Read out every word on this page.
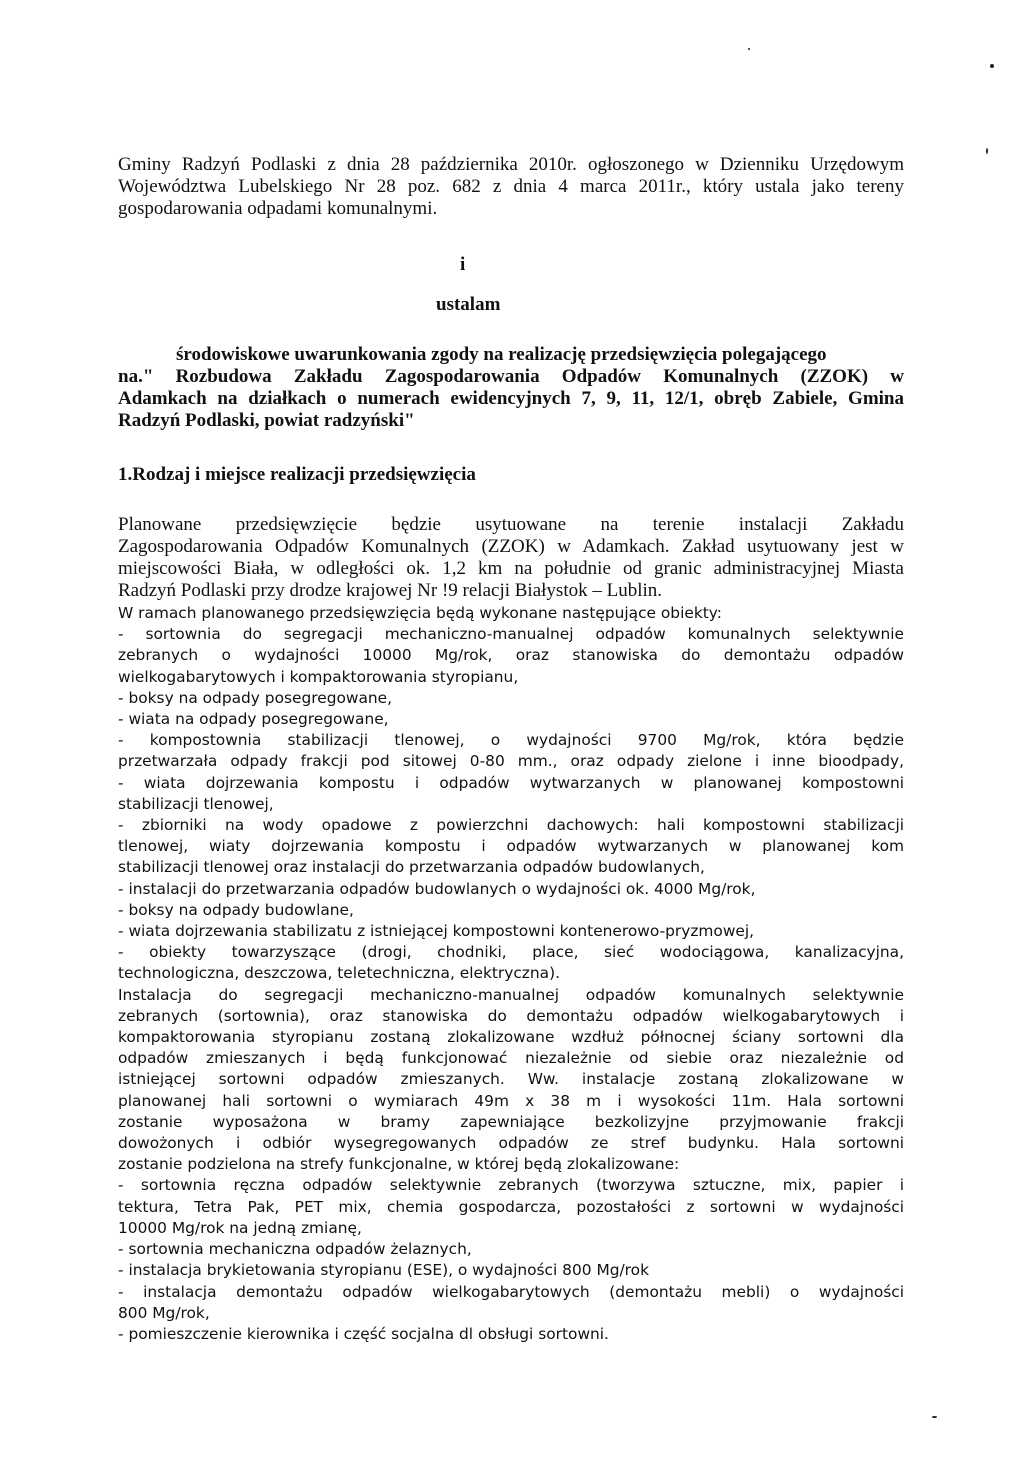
Gminy Radzyń Podlaski z dnia 28 października 2010r. ogłoszonego w Dzienniku Urzędowym
Województwa Lubelskiego Nr 28 poz. 682 z dnia 4 marca 2011r., który ustala jako tereny
gospodarowania odpadami komunalnymi.
i
ustalam
środowiskowe uwarunkowania zgody na realizację przedsięwzięcia polegającego
na." Rozbudowa Zakładu Zagospodarowania Odpadów Komunalnych (ZZOK) w
Adamkach na działkach o numerach ewidencyjnych 7, 9, 11, 12/1, obręb Zabiele, Gmina
Radzyń Podlaski, powiat radzyński"
1.Rodzaj i miejsce realizacji przedsięwzięcia
Planowane przedsięwzięcie będzie usytuowane na terenie instalacji Zakładu
Zagospodarowania Odpadów Komunalnych (ZZOK) w Adamkach. Zakład usytuowany jest w
miejscowości Biała, w odległości ok. 1,2 km na południe od granic administracyjnej Miasta
Radzyń Podlaski przy drodze krajowej Nr !9 relacji Białystok – Lublin.
W ramach planowanego przedsięwzięcia będą wykonane następujące obiekty:
- sortownia do segregacji mechaniczno-manualnej odpadów komunalnych selektywnie
zebranych o wydajności 10000 Mg/rok, oraz stanowiska do demontażu odpadów
wielkogabarytowych i kompaktorowania styropianu,
- boksy na odpady posegregowane,
- wiata na odpady posegregowane,
- kompostownia stabilizacji tlenowej, o wydajności 9700 Mg/rok, która będzie
przetwarzała odpady frakcji pod sitowej 0-80 mm., oraz odpady zielone i inne bioodpady,
- wiata dojrzewania kompostu i odpadów wytwarzanych w planowanej kompostowni
stabilizacji tlenowej,
- zbiorniki na wody opadowe z powierzchni dachowych: hali kompostowni stabilizacji
tlenowej, wiaty dojrzewania kompostu i odpadów wytwarzanych w planowanej kom
stabilizacji tlenowej oraz instalacji do przetwarzania odpadów budowlanych,
- instalacji do przetwarzania odpadów budowlanych o wydajności ok. 4000 Mg/rok,
- boksy na odpady budowlane,
- wiata dojrzewania stabilizatu z istniejącej kompostowni kontenerowo-pryzmowej,
- obiekty towarzyszące (drogi, chodniki, place, sieć wodociągowa, kanalizacyjna,
technologiczna, deszczowa, teletechniczna, elektryczna).
Instalacja do segregacji mechaniczno-manualnej odpadów komunalnych selektywnie
zebranych (sortownia), oraz stanowiska do demontażu odpadów wielkogabarytowych i
kompaktorowania styropianu zostaną zlokalizowane wzdłuż północnej ściany sortowni dla
odpadów zmieszanych i będą funkcjonować niezależnie od siebie oraz niezależnie od
istniejącej sortowni odpadów zmieszanych. Ww. instalacje zostaną zlokalizowane w
planowanej hali sortowni o wymiarach 49m x 38 m i wysokości 11m. Hala sortowni
zostanie wyposażona w bramy zapewniające bezkolizyjne przyjmowanie frakcji
dowożonych i odbiór wysegregowanych odpadów ze stref budynku. Hala sortowni
zostanie podzielona na strefy funkcjonalne, w której będą zlokalizowane:
- sortownia ręczna odpadów selektywnie zebranych (tworzywa sztuczne, mix, papier i
tektura, Tetra Pak, PET mix, chemia gospodarcza, pozostałości z sortowni w wydajności
10000 Mg/rok na jedną zmianę,
- sortownia mechaniczna odpadów żelaznych,
- instalacja brykietowania styropianu (ESE), o wydajności 800 Mg/rok
- instalacja demontażu odpadów wielkogabarytowych (demontażu mebli) o wydajności
800 Mg/rok,
- pomieszczenie kierownika i część socjalna dl obsługi sortowni.
